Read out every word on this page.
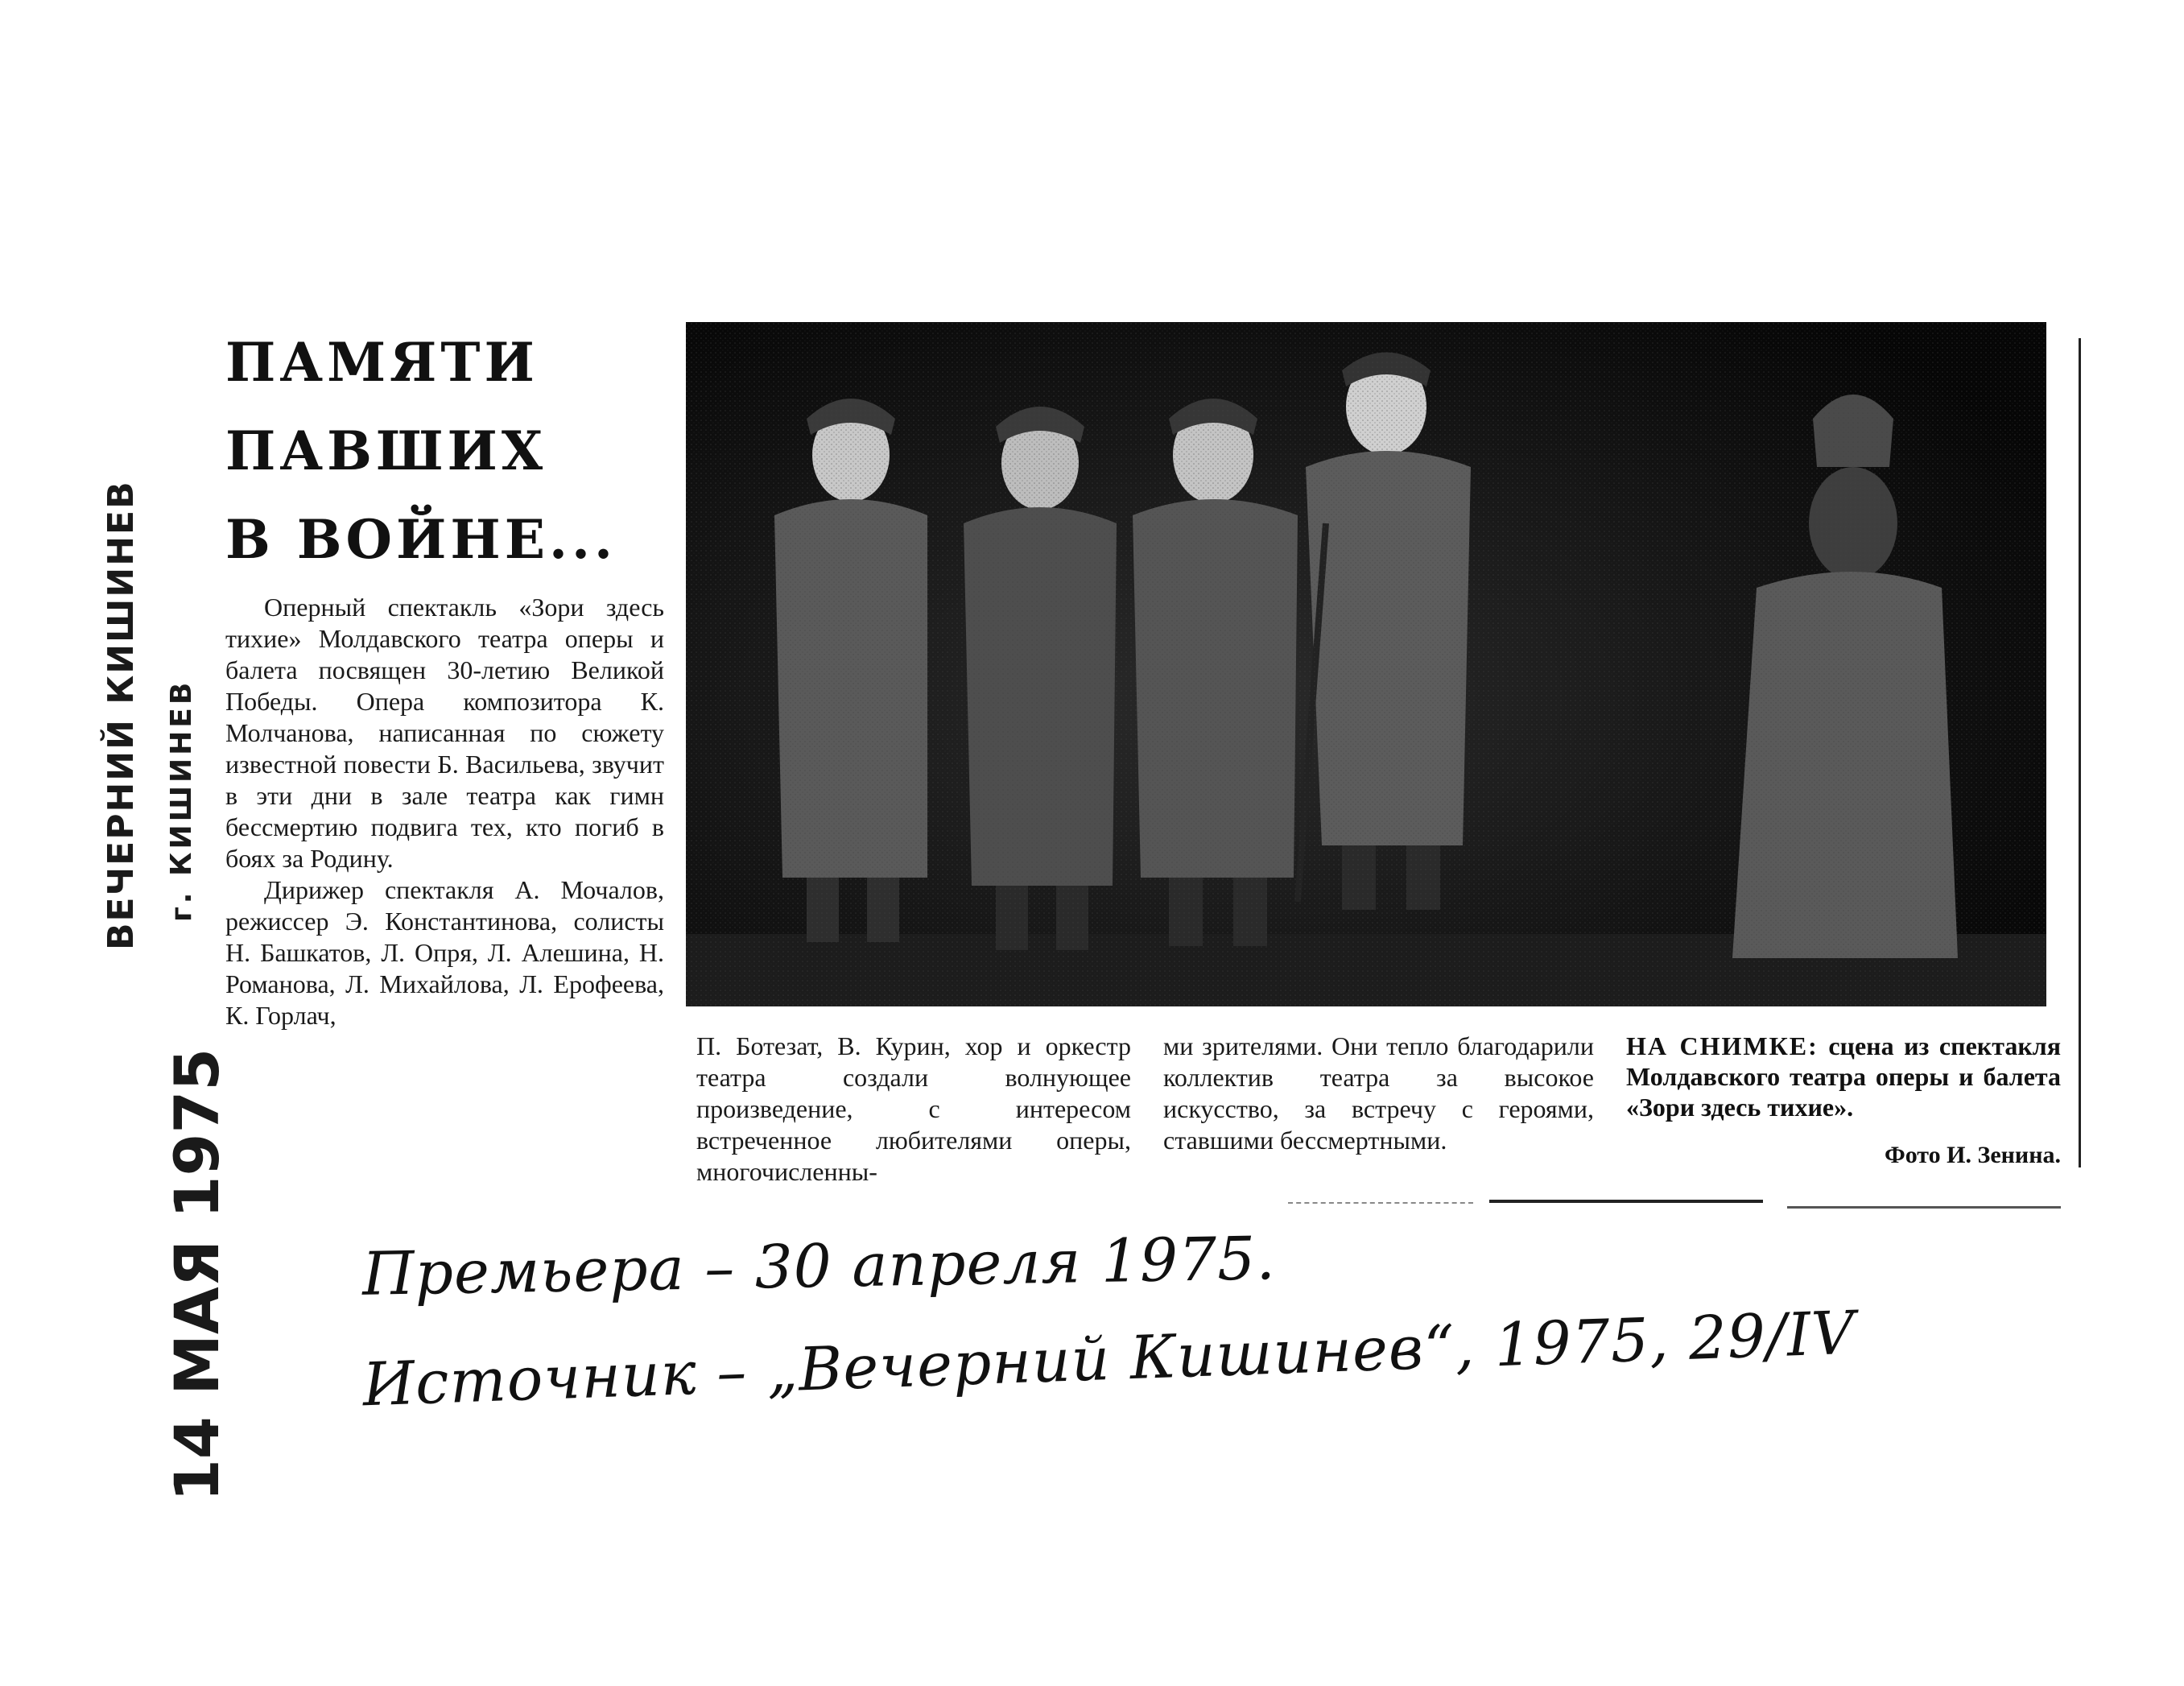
ВЕЧЕРНИЙ КИШИНЕВ г. КИШИНЕВ
14 МАЯ 1975
ПАМЯТИ
ПАВШИХ
В ВОЙНЕ...

Оперный спектакль «Зори здесь тихие» Молдавского театра оперы и балета посвящен 30-летию Великой Победы. Опера композитора К. Молчанова, написанная по сюжету известной повести Б. Васильева, звучит в эти дни в зале театра как гимн бессмертию подвига тех, кто погиб в боях за Родину.

Дирижер спектакля А. Мочалов, режиссер Э. Константинова, солисты Н. Башкатов, Л. Опря, Л. Алешина, Н. Романова, Л. Михайлова, Л. Ерофеева, К. Горлач,

П. Ботезат, В. Курин, хор и оркестр театра создали волнующее произведение, с интересом встреченное любителями оперы, многочисленны-

ми зрителями. Они тепло благодарили коллектив театра за высокое искусство, за встречу с героями, ставшими бессмертными.

НА СНИМКЕ: сцена из спектакля Молдавского театра оперы и балета «Зори здесь тихие».
Фото И. Зенина.
Премьера – 30 апреля 1975.
Источник – „Вечерний Кишинев“, 1975, 29/IV
